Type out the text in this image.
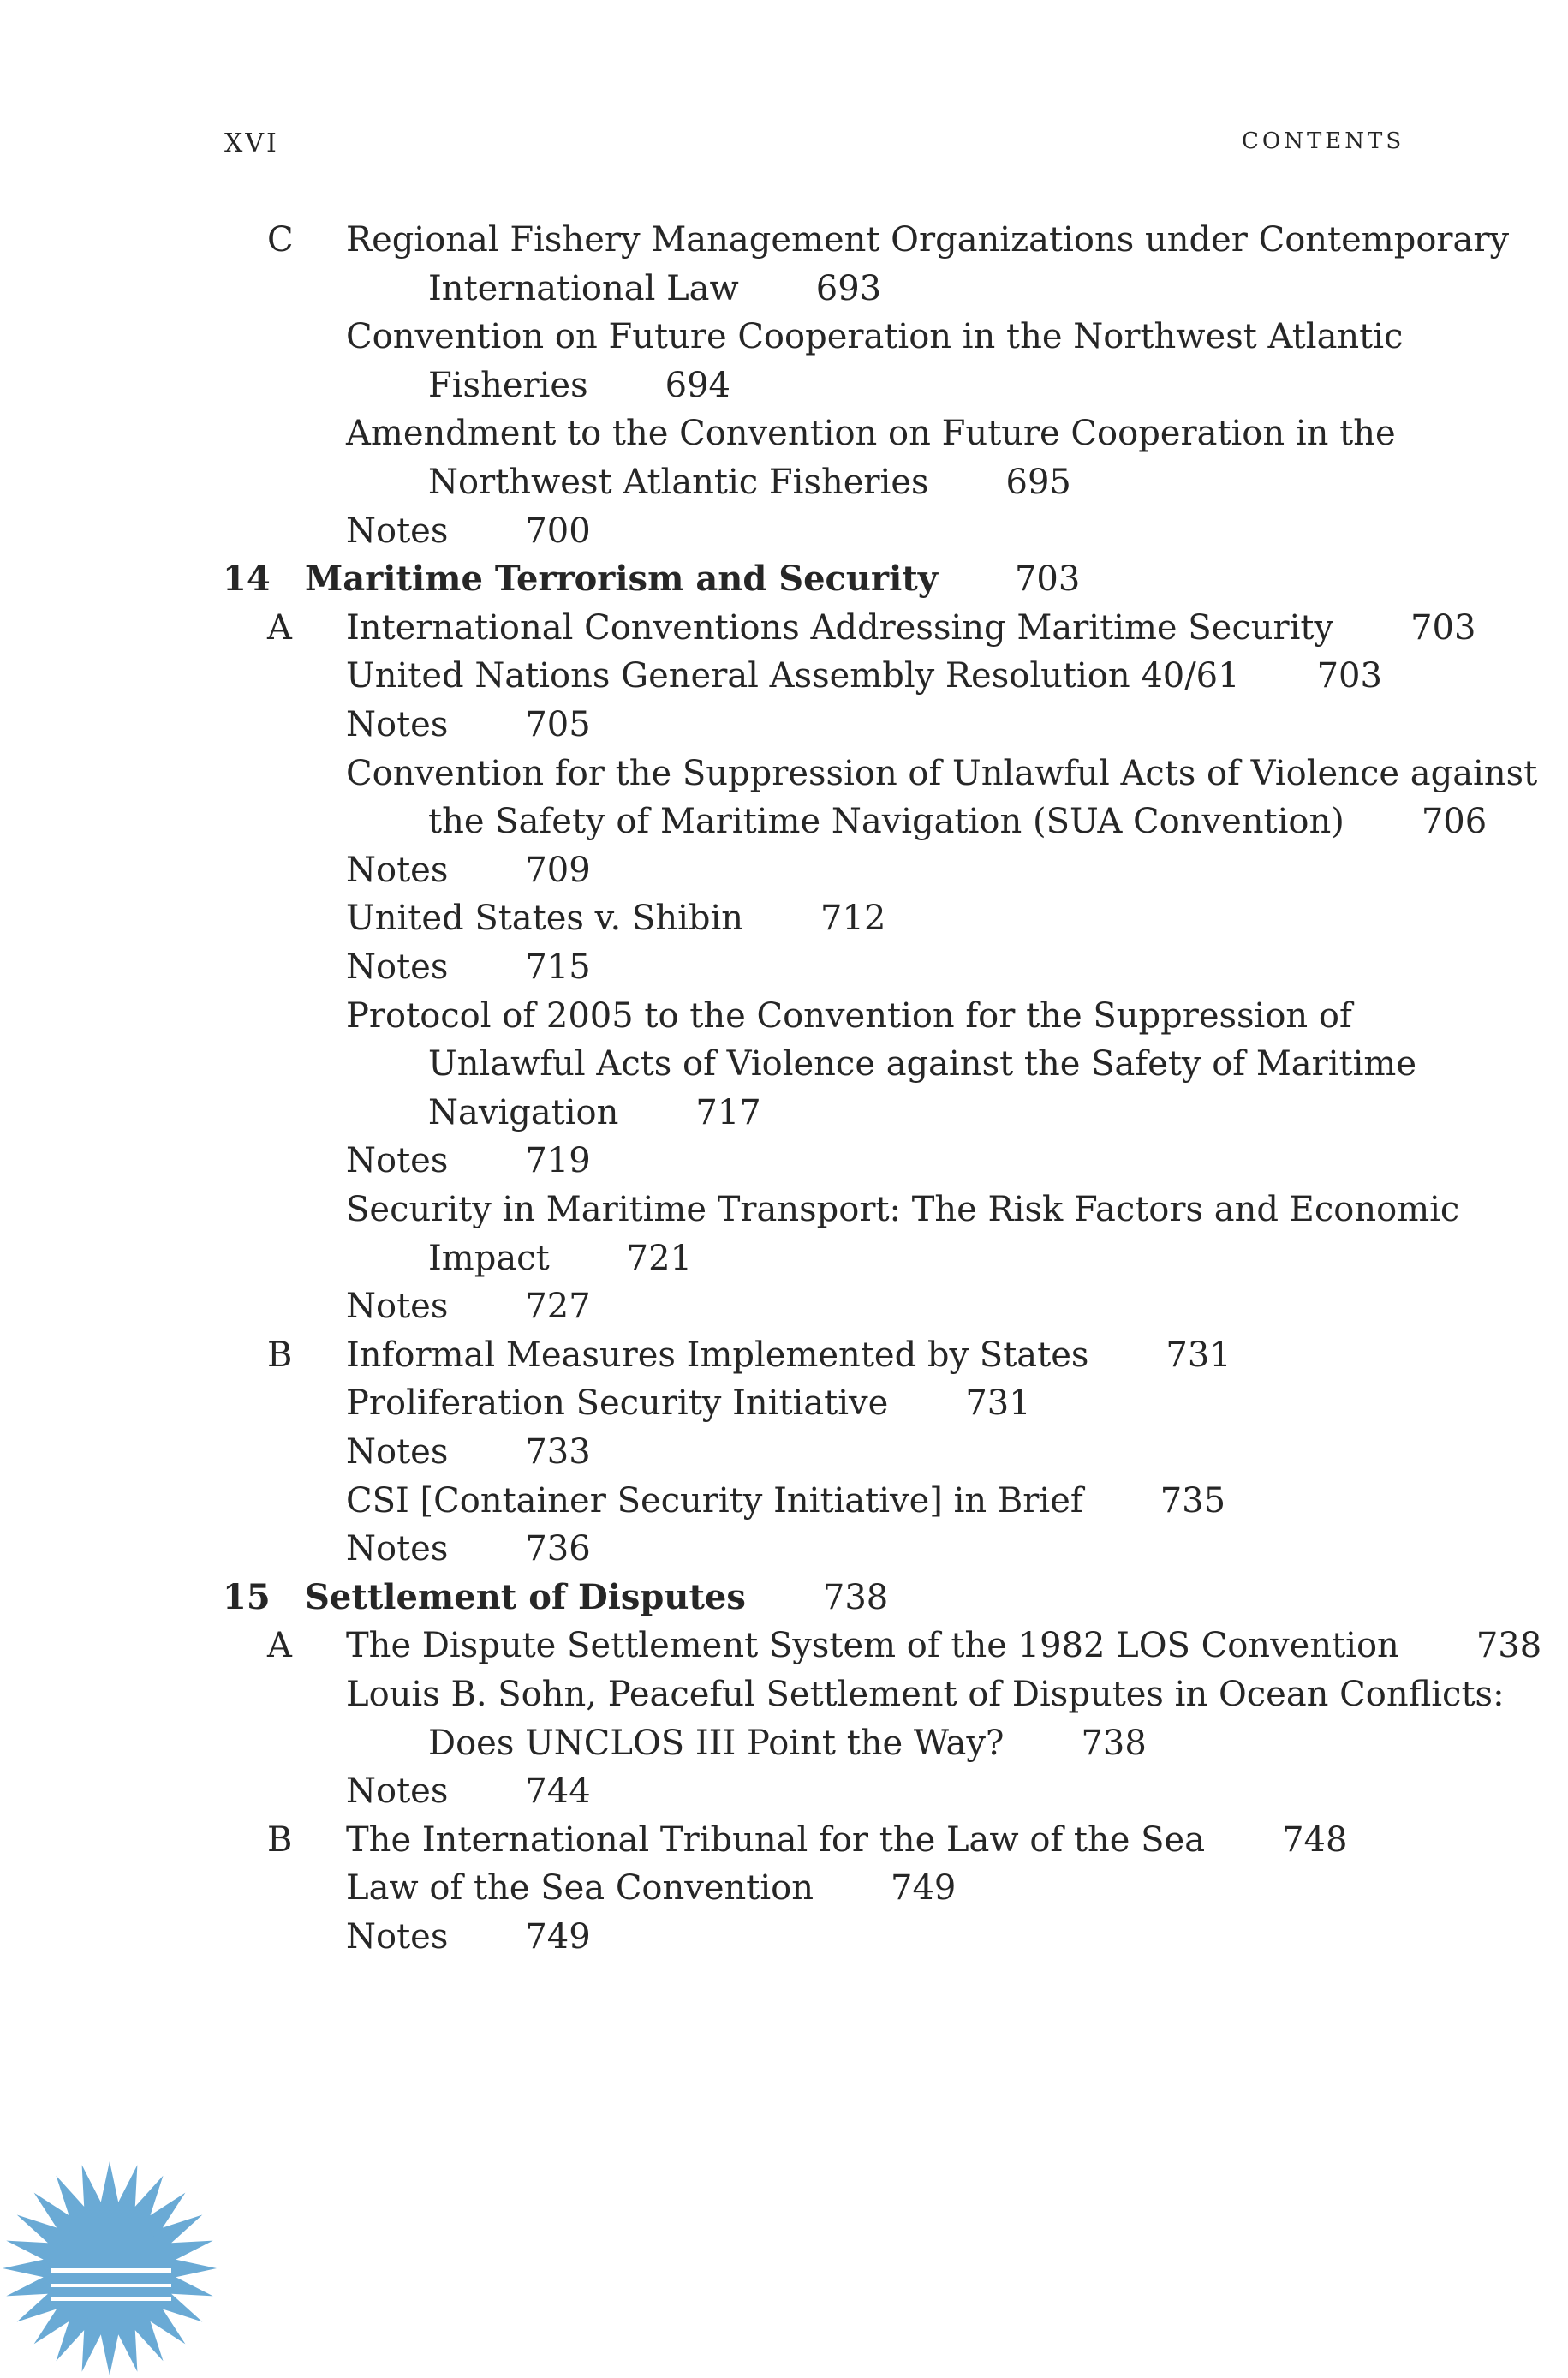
XVI	CONTENTS
C Regional Fishery Management Organizations under Contemporary
International Law 693
Convention on Future Cooperation in the Northwest Atlantic
Fisheries 694
Amendment to the Convention on Future Cooperation in the
Northwest Atlantic Fisheries 695
Notes 700
14 Maritime Terrorism and Security 703
A International Conventions Addressing Maritime Security 703
United Nations General Assembly Resolution 40/61 703
Notes 705
Convention for the Suppression of Unlawful Acts of Violence against
the Safety of Maritime Navigation (SUA Convention) 706
Notes 709
United States v. Shibin 712
Notes 715
Protocol of 2005 to the Convention for the Suppression of
Unlawful Acts of Violence against the Safety of Maritime
Navigation 717
Notes 719
Security in Maritime Transport: The Risk Factors and Economic
Impact 721
Notes 727
B Informal Measures Implemented by States 731
Proliferation Security Initiative 731
Notes 733
CSI [Container Security Initiative] in Brief 735
Notes 736
15 Settlement of Disputes 738
A The Dispute Settlement System of the 1982 LOS Convention 738
Louis B. Sohn, Peaceful Settlement of Disputes in Ocean Conflicts:
Does UNCLOS III Point the Way? 738
Notes 744
B The International Tribunal for the Law of the Sea 748
Law of the Sea Convention 749
Notes 749
